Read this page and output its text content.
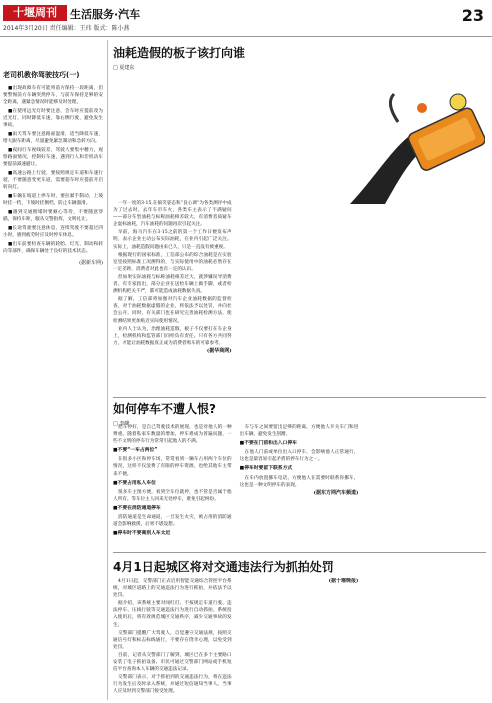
十堰周刊	生活服务·汽车
2014年3月20日 责任编辑：王玮 版式：陈小燕
23
老司机教你驾驶技巧(一)

■出现故障车有可能将前方保持一段距离，但要警惕前方车辆突然停车，与前车保持足够的安全距离，遇紧急情况时能够及时处理。

■在使用远光灯时要注意，会车时应提前改为近光灯，同时降低车速，靠右侧行驶，避免发生事故。

■雨天驾车要注意路面湿滑，适当降低车速，增大跟车距离，尽量避免紧急制动和急转方向。

■夜间行车视线较差，驾驶人要集中精力，观察路面情况，控制好车速，遇到行人和非机动车要提前减速避让。

■高速公路上行驶，要按照规定车道和车速行驶，不要随意变更车道，需要超车时应提前开启转向灯。

■车辆在坡道上停车时，要拉紧手制动，上坡时挂一档，下坡时挂倒档，防止车辆溜滑。

■遇到交通拥堵时要耐心等待，不要随意穿插，保持车距，服从交警指挥，文明礼让。

■长途驾驶要注意休息，连续驾驶不要超过四小时，感到疲劳时应及时停车休息。

■出车前要检查车辆的轮胎、灯光、制动和转向等部件，确保车辆处于良好的技术状态。

(据新车网)
油耗造假的板子该打向谁
□ 夏建东

一年一度的3·15,在搞笑姿态和“良心调”为各类测评中成为了过去时。去年车市车火，各类车主表示了不满疑问——部分车型油耗与标称油耗相差较大，有消费者质疑车企虚标油耗，汽车油耗的问题再次引起关注。

早前，海马汽车在3·15之前的第一个工作日便发布声明，表示企业主动公布实际油耗，在业内引起广泛关注。实际上，油耗造假问题由来已久，只是一直没有被重视。

根据现行的国家标准，工信部公布的综合油耗是在实验室里按照标准工况测得的，与实际使用中的油耗必然存在一定差距，消费者对此也有一定的认识。

但如果实际油耗与标称油耗相差过大，就涉嫌误导消费者。有专家指出，部分企业在送检车辆上做手脚，或者检测机构把关不严，都可能造成油耗数据失真。

据了解，工信部将加强对汽车企业油耗数据的监督检查，对于油耗数据虚假的企业，将依法予以处罚，并向社会公开。同时，有关部门也在研究完善油耗检测方法，使检测结果更加贴近实际使用情况。

业内人士认为，治理油耗造假，板子不仅要打在车企身上，检测机构和监管部门同样负有责任。只有各方共同努力，才能让油耗数据真正成为消费者购车的可靠参考。

(据华商网)
如何停车不遭人恨?
□ 李峰

把车停好，是自己驾驶技术的展现，也是对他人的一种尊重。随着私家车数量的增加，停车难成为普遍问题，一些不文明的停车行为常常引起他人的不满。

■不要“一车占两位”

在很多小区和停车场，常常看到一辆车占用两个车位的情况，这样不仅浪费了有限的停车资源，也给其他车主带来不便。

■不要占用私人车位

很多车主图方便，看到空车位就停，也不管是否属于他人所有。等车位主人回来无处停车，难免引起纠纷。

■不要在消防通道停车

消防通道是生命通道，一旦发生火灾，被占用的消防通道会影响救援，后果不堪设想。

■停车时不要离别人车太近

车与车之间要留出足够的距离，方便他人开关车门和进出车辆，避免发生刮蹭。

■不要在门前和出入口停车

在他人门前或单位出入口停车，会影响他人正常通行，这也是最容易引起矛盾的停车行为之一。

■停车时要留下联系方式

在车内放置挪车电话，方便他人在需要时联系你挪车，这也是一种文明停车的表现。

(据东方网汽车频道)
4月1日起城区将对交通违法行为抓拍处罚

4月1日起，交警部门正式启用智能交通综合管控平台系统，对城区道路上的交通违法行为进行抓拍，并依法予以处罚。

据介绍，该系统主要对闯红灯、不按规定车道行驶、违法停车、压线行驶等交通违法行为进行自动抓拍。系统投入使用后，将有效规范城区交通秩序，减少交通事故的发生。

交警部门提醒广大驾驶人，自觉遵守交通法规，按照交通信号灯和标志标线通行，不要存在侥幸心理，以免受到处罚。

目前，记者从交警部门了解到，城区已在多个主要路口安装了电子抓拍设备，市民可通过交警部门网站或手机短信平台查询本人车辆的交通违法记录。

交警部门表示，对于抓拍到的交通违法行为，将在违法行为发生后及时录入系统，并通过短信通知当事人。当事人应及时到交警部门接受处理。

(据十堰晚报)
